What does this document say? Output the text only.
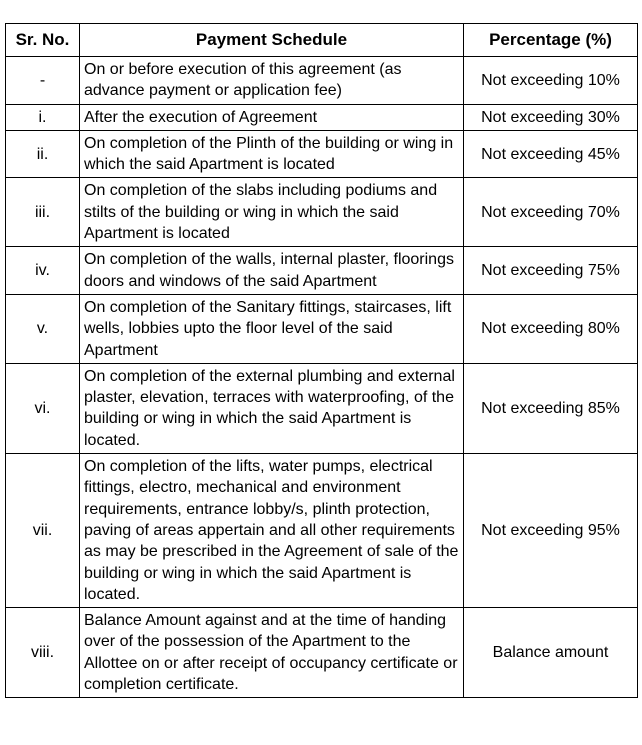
Sr. No.	Payment Schedule	Percentage (%)
-	On or before execution of this agreement (as advance payment or application fee)	Not exceeding 10%
i.	After the execution of Agreement	Not exceeding 30%
ii.	On completion of the Plinth of the building or wing in which the said Apartment is located	Not exceeding 45%
iii.	On completion of the slabs including podiums and stilts of the building or wing in which the said Apartment is located	Not exceeding 70%
iv.	On completion of the walls, internal plaster, floorings doors and windows of the said Apartment	Not exceeding 75%
v.	On completion of the Sanitary fittings, staircases, lift wells, lobbies upto the floor level of the said Apartment	Not exceeding 80%
vi.	On completion of the external plumbing and external plaster, elevation, terraces with waterproofing, of the building or wing in which the said Apartment is located.	Not exceeding 85%
vii.	On completion of the lifts, water pumps, electrical fittings, electro, mechanical and environment requirements, entrance lobby/s, plinth protection, paving of areas appertain and all other requirements as may be prescribed in the Agreement of sale of the building or wing in which the said Apartment is located.	Not exceeding 95%
viii.	Balance Amount against and at the time of handing over of the possession of the Apartment to the Allottee on or after receipt of occupancy certificate or completion certificate.	Balance amount
